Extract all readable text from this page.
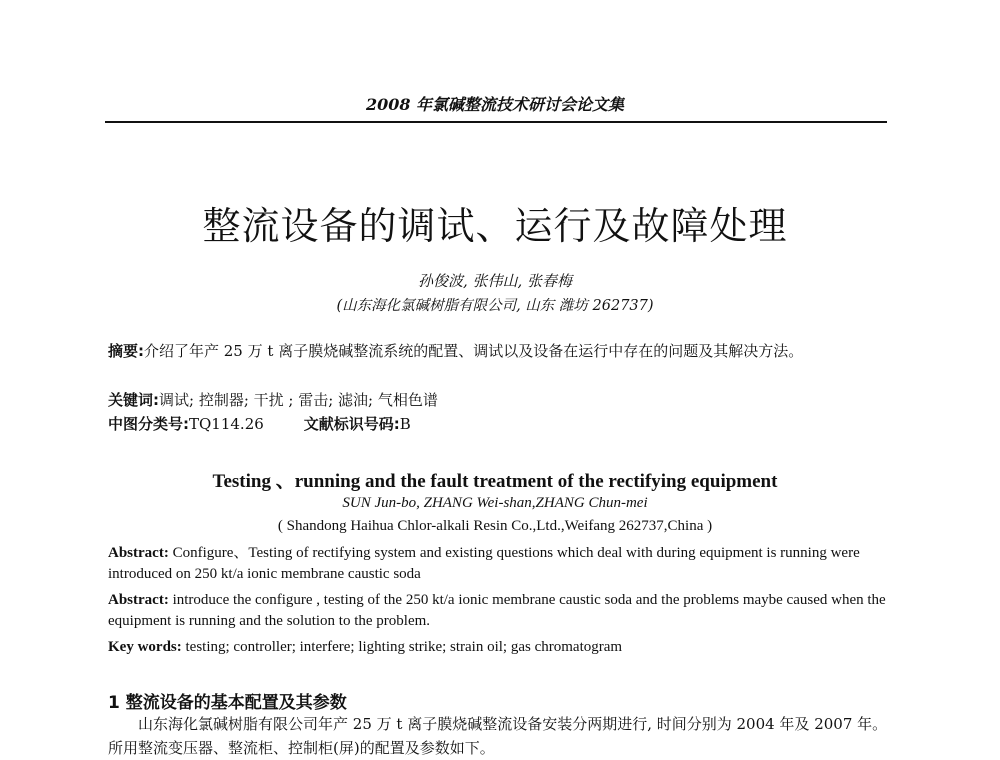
2008 年氯碱整流技术研讨会论文集
整流设备的调试、运行及故障处理
孙俊波, 张伟山, 张春梅
(山东海化氯碱树脂有限公司, 山东 潍坊 262737)
摘要:介绍了年产 25 万 t 离子膜烧碱整流系统的配置、调试以及设备在运行中存在的问题及其解决方法。
关键词:调试; 控制器; 干扰 ; 雷击; 滤油; 气相色谱
中图分类号:TQ114.26	文献标识号码:B
Testing 、running and the fault treatment of the rectifying equipment
SUN Jun-bo, ZHANG Wei-shan,ZHANG Chun-mei
( Shandong Haihua Chlor-alkali Resin Co.,Ltd.,Weifang 262737,China )
Abstract: Configure、Testing of rectifying system and existing questions which deal with during equipment is running were introduced on 250 kt/a ionic membrane caustic soda
Abstract: introduce the configure , testing of the 250 kt/a ionic membrane caustic soda and the problems maybe caused when the equipment is running and the solution to the problem.
Key words: testing; controller; interfere; lighting strike; strain oil; gas chromatogram
1 整流设备的基本配置及其参数
山东海化氯碱树脂有限公司年产 25 万 t 离子膜烧碱整流设备安装分两期进行, 时间分别为 2004 年及 2007 年。所用整流变压器、整流柜、控制柜(屏)的配置及参数如下。
